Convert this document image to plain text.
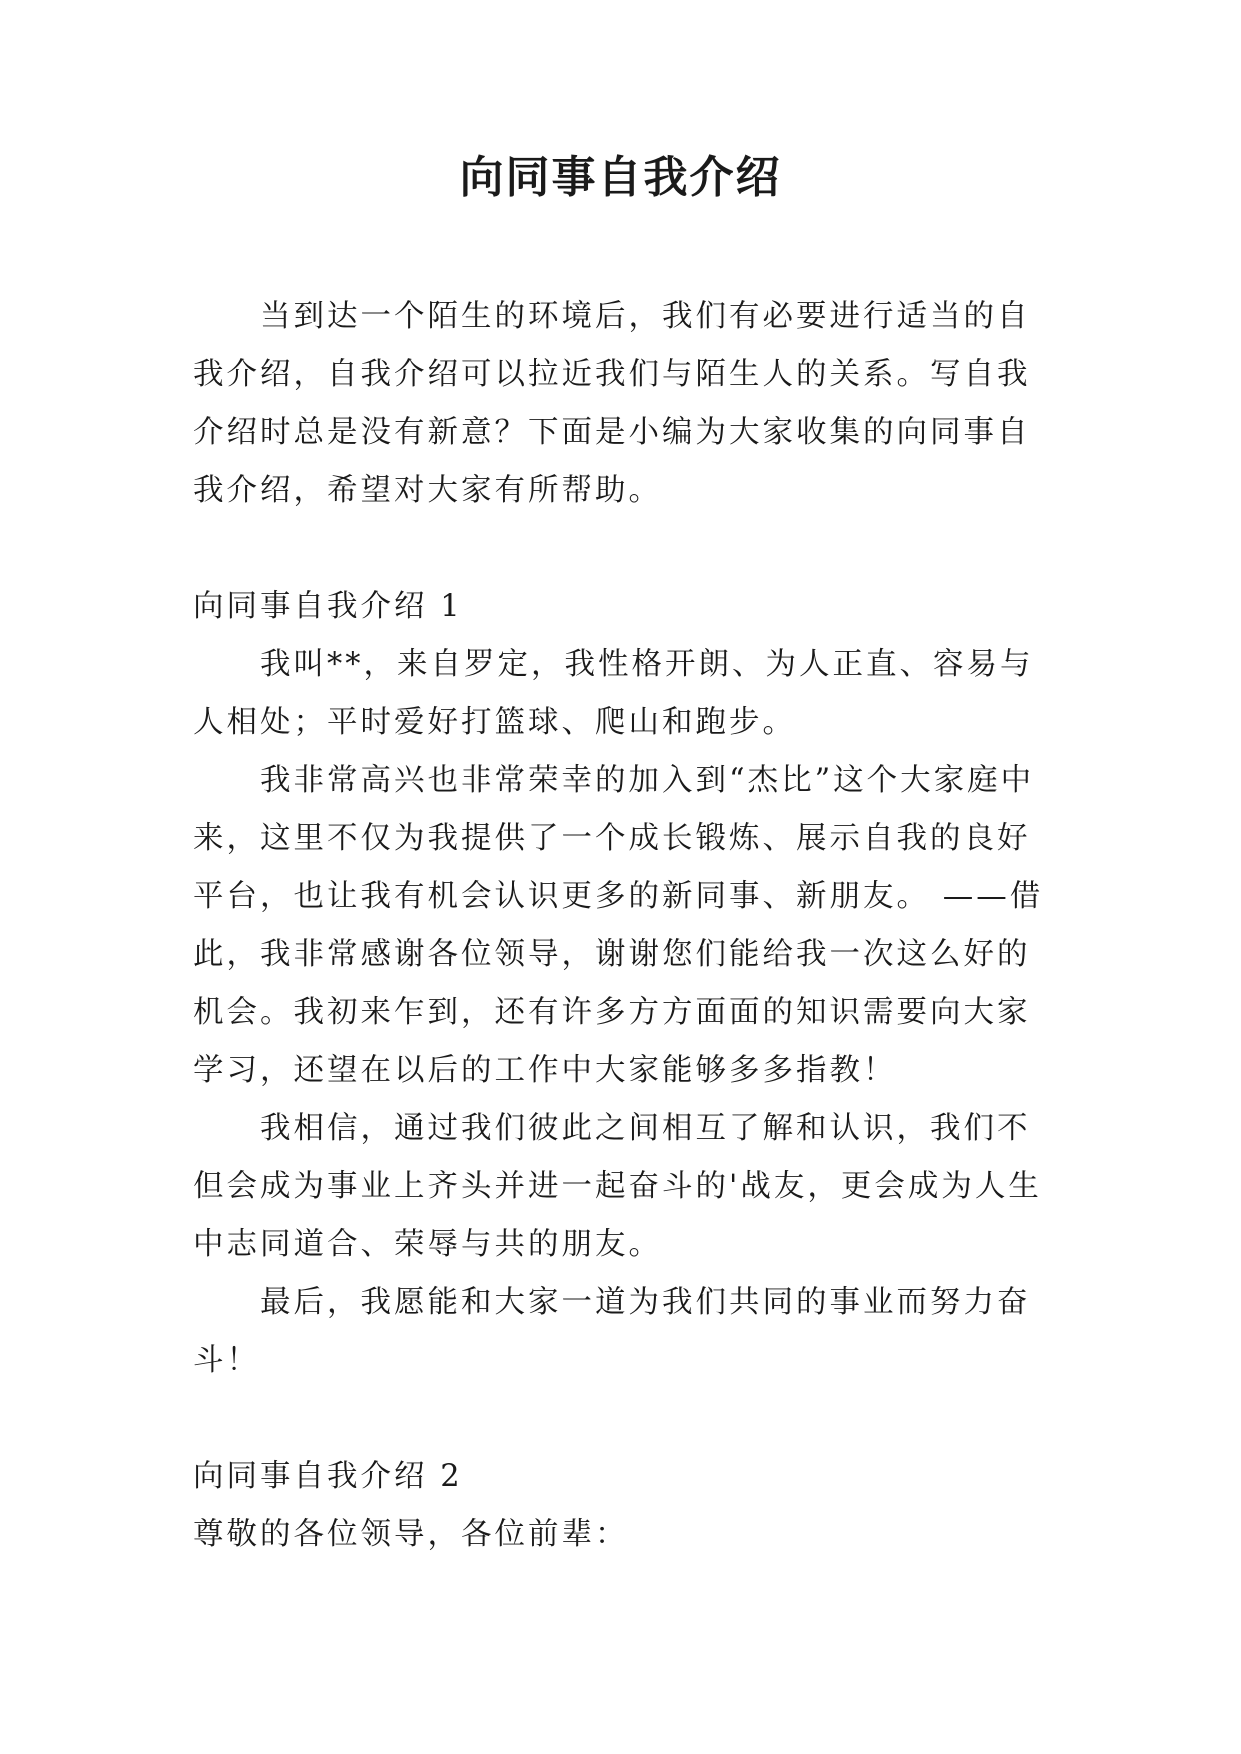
向同事自我介绍

当到达一个陌生的环境后，我们有必要进行适当的自我介绍，自我介绍可以拉近我们与陌生人的关系。写自我介绍时总是没有新意？下面是小编为大家收集的向同事自我介绍，希望对大家有所帮助。

向同事自我介绍 1

我叫**，来自罗定，我性格开朗、为人正直、容易与人相处；平时爱好打篮球、爬山和跑步。

我非常高兴也非常荣幸的加入到“杰比”这个大家庭中来，这里不仅为我提供了一个成长锻炼、展示自我的良好平台，也让我有机会认识更多的新同事、新朋友。 ——借此，我非常感谢各位领导，谢谢您们能给我一次这么好的机会。我初来乍到，还有许多方方面面的知识需要向大家学习，还望在以后的工作中大家能够多多指教！

我相信，通过我们彼此之间相互了解和认识，我们不但会成为事业上齐头并进一起奋斗的'战友，更会成为人生中志同道合、荣辱与共的朋友。

最后，我愿能和大家一道为我们共同的事业而努力奋斗！

向同事自我介绍 2

尊敬的各位领导，各位前辈：
